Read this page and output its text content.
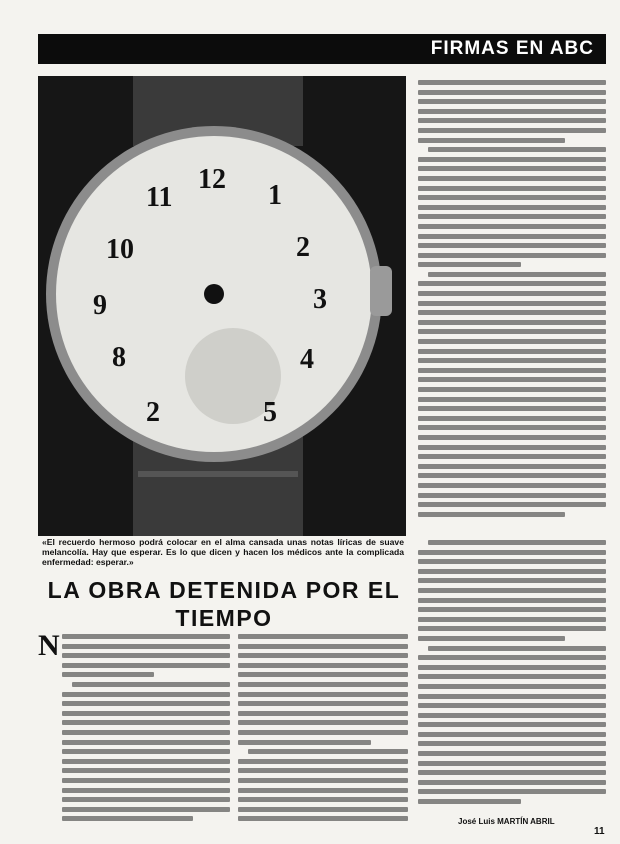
FIRMAS EN ABC
12
1
2
3
4
5
2
8
9
10
11
«El recuerdo hermoso podrá colocar en el alma cansada unas notas líricas de suave melancolía. Hay que esperar. Es lo que dicen y hacen los médicos ante la complicada enfermedad: esperar.»
LA OBRA DETENIDA POR EL TIEMPO
N
José Luis MARTÍN ABRIL
11
